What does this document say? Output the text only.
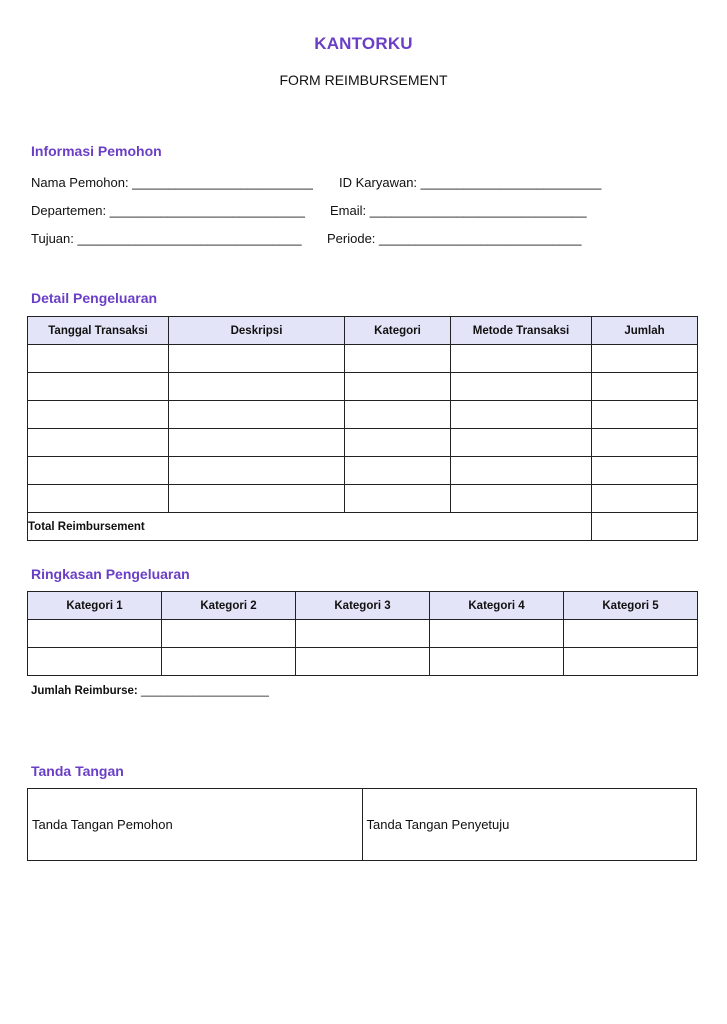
KANTORKU
FORM REIMBURSEMENT
Informasi Pemohon
Nama Pemohon: _________________________ ID Karyawan: _________________________
Departemen: ___________________________ Email: ______________________________
Tujuan: _______________________________ Periode: ____________________________
Detail Pengeluaran
Tanggal Transaksi	Deskripsi	Kategori	Metode Transaksi	Jumlah

Total Reimbursement				
Ringkasan Pengeluaran
Kategori 1	Kategori 2	Kategori 3	Kategori 4	Kategori 5

Jumlah Reimburse: ____________________
Tanda Tangan
Tanda Tangan Pemohon	Tanda Tangan Penyetuju
